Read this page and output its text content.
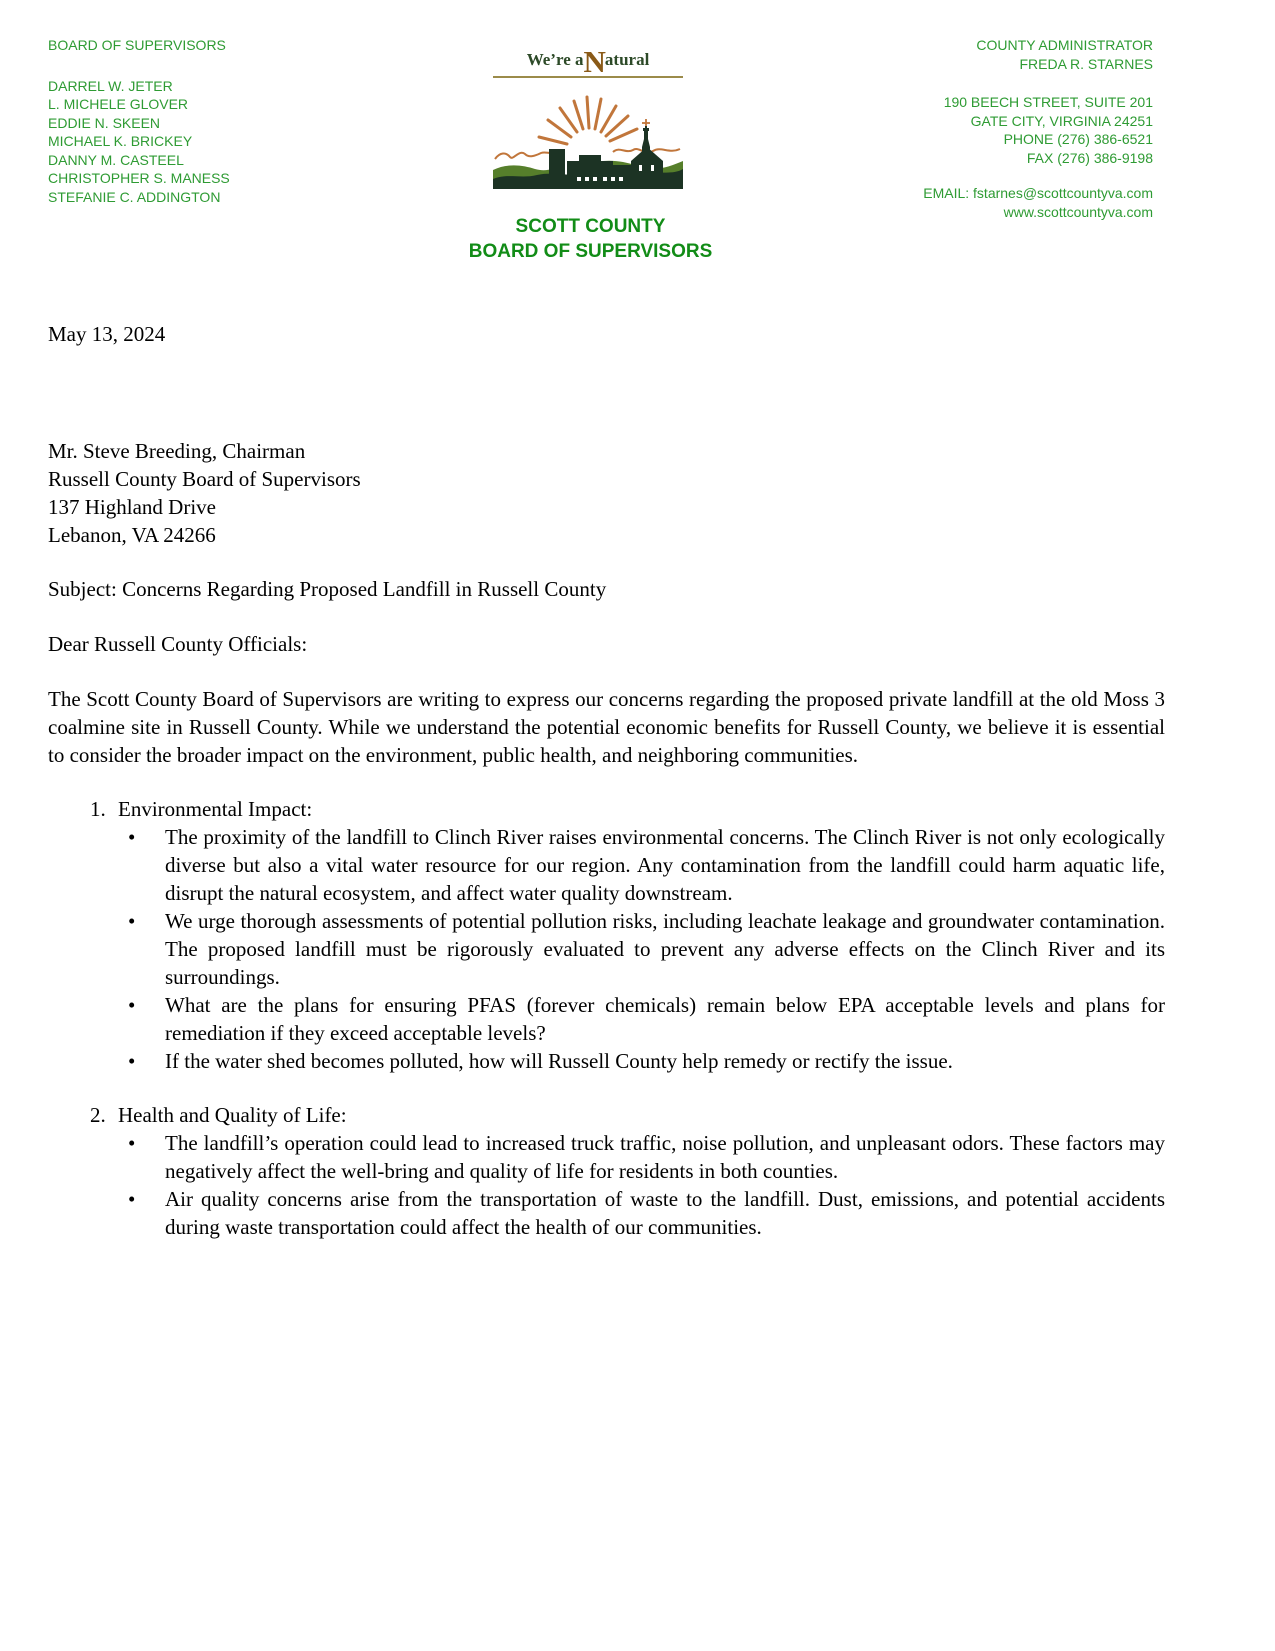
BOARD OF SUPERVISORS
DARREL W. JETER
L. MICHELE GLOVER
EDDIE N. SKEEN
MICHAEL K. BRICKEY
DANNY M. CASTEEL
CHRISTOPHER S. MANESS
STEFANIE C. ADDINGTON
COUNTY ADMINISTRATOR
FREDA R. STARNES
190 BEECH STREET, SUITE 201
GATE CITY, VIRGINIA 24251
PHONE (276) 386-6521
FAX (276) 386-9198
EMAIL: fstarnes@scottcountyva.com
www.scottcountyva.com
We’re aNatural
SCOTT COUNTY
BOARD OF SUPERVISORS
May 13, 2024
Mr. Steve Breeding, Chairman
Russell County Board of Supervisors
137 Highland Drive
Lebanon, VA 24266
Subject: Concerns Regarding Proposed Landfill in Russell County
Dear Russell County Officials:
The Scott County Board of Supervisors are writing to express our concerns regarding the proposed private landfill at the old Moss 3 coalmine site in Russell County. While we understand the potential economic benefits for Russell County, we believe it is essential to consider the broader impact on the environment, public health, and neighboring communities.
1. Environmental Impact:
• The proximity of the landfill to Clinch River raises environmental concerns. The Clinch River is not only ecologically diverse but also a vital water resource for our region. Any contamination from the landfill could harm aquatic life, disrupt the natural ecosystem, and affect water quality downstream.
• We urge thorough assessments of potential pollution risks, including leachate leakage and groundwater contamination. The proposed landfill must be rigorously evaluated to prevent any adverse effects on the Clinch River and its surroundings.
• What are the plans for ensuring PFAS (forever chemicals) remain below EPA acceptable levels and plans for remediation if they exceed acceptable levels?
• If the water shed becomes polluted, how will Russell County help remedy or rectify the issue.
2. Health and Quality of Life:
• The landfill’s operation could lead to increased truck traffic, noise pollution, and unpleasant odors. These factors may negatively affect the well-bring and quality of life for residents in both counties.
• Air quality concerns arise from the transportation of waste to the landfill. Dust, emissions, and potential accidents during waste transportation could affect the health of our communities.
